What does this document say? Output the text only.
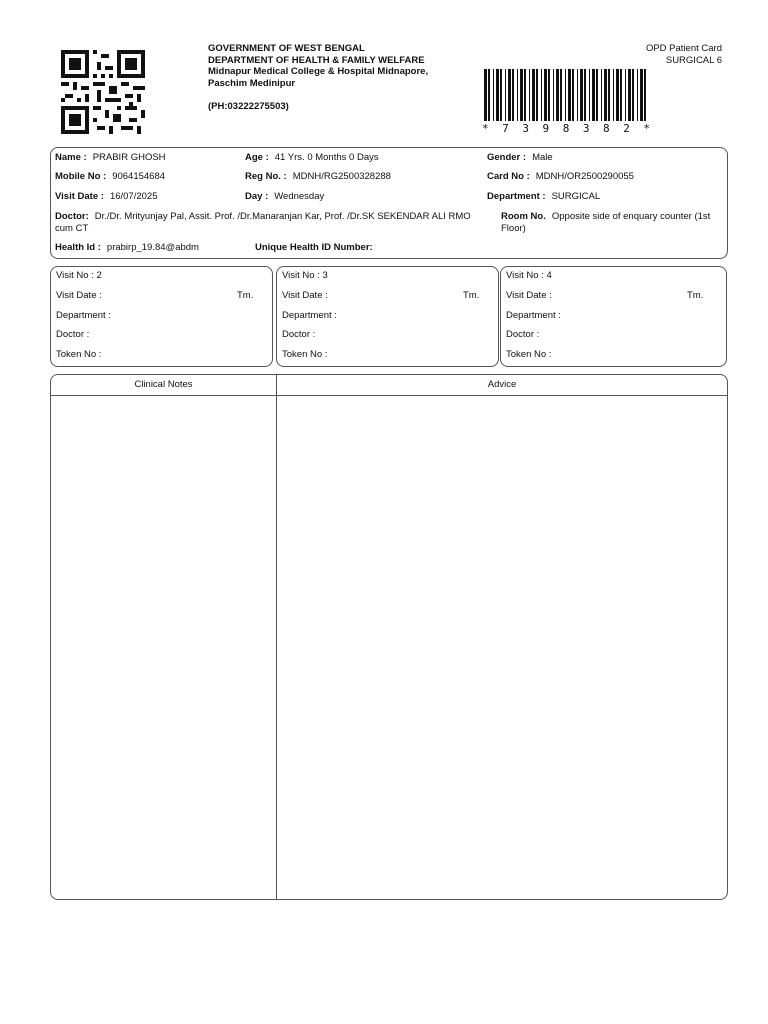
GOVERNMENT OF WEST BENGAL
DEPARTMENT OF HEALTH & FAMILY WELFARE
Midnapur Medical College & Hospital Midnapore,
Paschim Medinipur
(PH:03222275503)
OPD Patient Card
SURGICAL 6
* 7 3 9 8 3 8 2 *
Name : PRABIR GHOSH	Age : 41 Yrs. 0 Months 0 Days	Gender : Male
Mobile No : 9064154684	Reg No. : MDNH/RG2500328288	Card No : MDNH/OR2500290055
Visit Date : 16/07/2025	Day : Wednesday	Department : SURGICAL
Doctor: Dr./Dr. Mrityunjay Pal, Assit. Prof. /Dr.Manaranjan Kar, Prof. /Dr.SK SEKENDAR ALI RMO cum CT
Room No. Opposite side of enquary counter (1st Floor)
Health Id : prabirp_19.84@abdm	Unique Health ID Number:
Visit No : 2
Visit Date :	Tm.
Department :
Doctor :
Token No :
Visit No : 3
Visit Date :	Tm.
Department :
Doctor :
Token No :
Visit No : 4
Visit Date :	Tm.
Department :
Doctor :
Token No :
Clinical Notes	Advice
